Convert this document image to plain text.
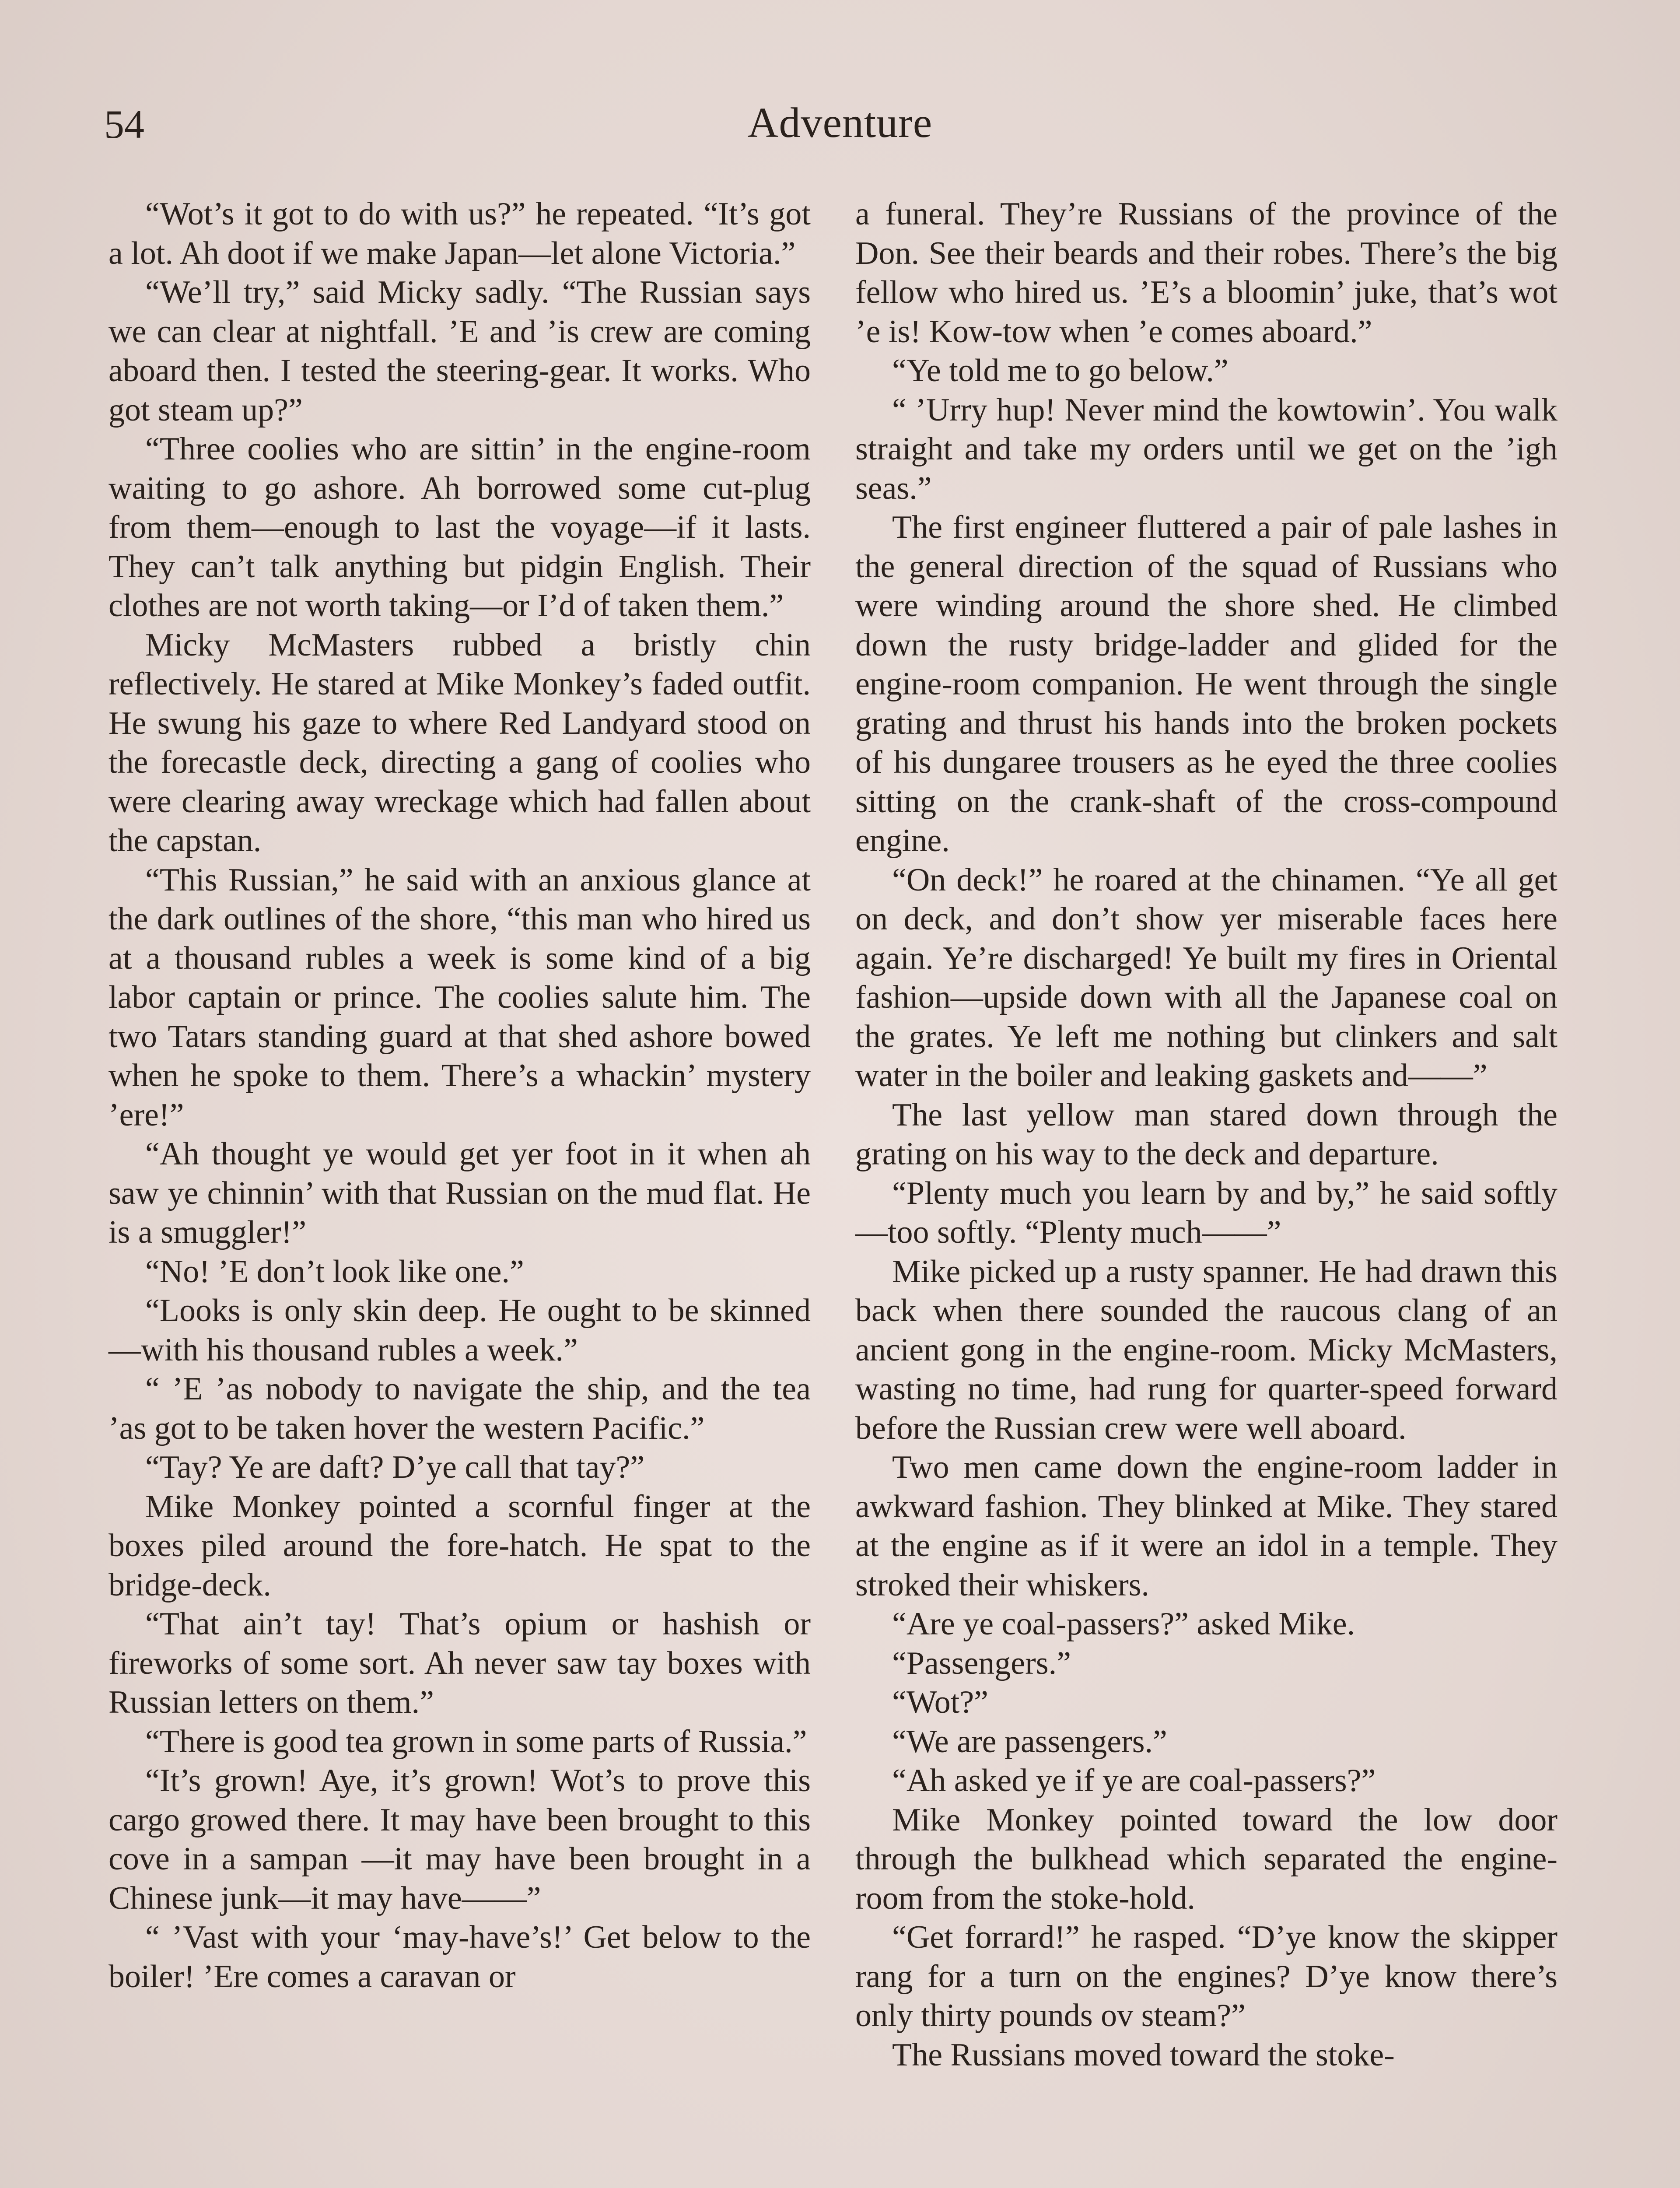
54	Adventure

“Wot’s it got to do with us?” he repeated. “It’s got a lot. Ah doot if we make Japan—let alone Victoria.”

“We’ll try,” said Micky sadly. “The Russian says we can clear at nightfall. ’E and ’is crew are coming aboard then. I tested the steering-gear. It works. Who got steam up?”

“Three coolies who are sittin’ in the engine-room waiting to go ashore. Ah borrowed some cut-plug from them—enough to last the voyage—if it lasts. They can’t talk anything but pidgin English. Their clothes are not worth taking—or I’d of taken them.”

Micky McMasters rubbed a bristly chin reflectively. He stared at Mike Monkey’s faded outfit. He swung his gaze to where Red Landyard stood on the forecastle deck, directing a gang of coolies who were clearing away wreckage which had fallen about the capstan.

“This Russian,” he said with an anxious glance at the dark outlines of the shore, “this man who hired us at a thousand rubles a week is some kind of a big labor captain or prince. The coolies salute him. The two Tatars standing guard at that shed ashore bowed when he spoke to them. There’s a whackin’ mystery ’ere!”

“Ah thought ye would get yer foot in it when ah saw ye chinnin’ with that Russian on the mud flat. He is a smuggler!”

“No! ’E don’t look like one.”

“Looks is only skin deep. He ought to be skinned—with his thousand rubles a week.”

“ ’E ’as nobody to navigate the ship, and the tea ’as got to be taken hover the western Pacific.”

“Tay? Ye are daft? D’ye call that tay?”

Mike Monkey pointed a scornful finger at the boxes piled around the fore-hatch. He spat to the bridge-deck.

“That ain’t tay! That’s opium or hashish or fireworks of some sort. Ah never saw tay boxes with Russian letters on them.”

“There is good tea grown in some parts of Russia.”

“It’s grown! Aye, it’s grown! Wot’s to prove this cargo growed there. It may have been brought to this cove in a sampan —it may have been brought in a Chinese junk—it may have——”

“ ’Vast with your ‘may-have’s!’ Get below to the boiler! ’Ere comes a caravan or

a funeral. They’re Russians of the province of the Don. See their beards and their robes. There’s the big fellow who hired us. ’E’s a bloomin’ juke, that’s wot ’e is! Kow-tow when ’e comes aboard.”

“Ye told me to go below.”

“ ’Urry hup! Never mind the kowtowin’. You walk straight and take my orders until we get on the ’igh seas.”

The first engineer fluttered a pair of pale lashes in the general direction of the squad of Russians who were winding around the shore shed. He climbed down the rusty bridge-ladder and glided for the engine-room companion. He went through the single grating and thrust his hands into the broken pockets of his dungaree trousers as he eyed the three coolies sitting on the crank-shaft of the cross-compound engine.

“On deck!” he roared at the chinamen. “Ye all get on deck, and don’t show yer miserable faces here again. Ye’re discharged! Ye built my fires in Oriental fashion—upside down with all the Japanese coal on the grates. Ye left me nothing but clinkers and salt water in the boiler and leaking gaskets and——”

The last yellow man stared down through the grating on his way to the deck and departure.

“Plenty much you learn by and by,” he said softly—too softly. “Plenty much——”

Mike picked up a rusty spanner. He had drawn this back when there sounded the raucous clang of an ancient gong in the engine-room. Micky McMasters, wasting no time, had rung for quarter-speed forward before the Russian crew were well aboard.

Two men came down the engine-room ladder in awkward fashion. They blinked at Mike. They stared at the engine as if it were an idol in a temple. They stroked their whiskers.

“Are ye coal-passers?” asked Mike.

“Passengers.”

“Wot?”

“We are passengers.”

“Ah asked ye if ye are coal-passers?”

Mike Monkey pointed toward the low door through the bulkhead which separated the engine-room from the stoke-hold.

“Get forrard!” he rasped. “D’ye know the skipper rang for a turn on the engines? D’ye know there’s only thirty pounds ov steam?”

The Russians moved toward the stoke-
